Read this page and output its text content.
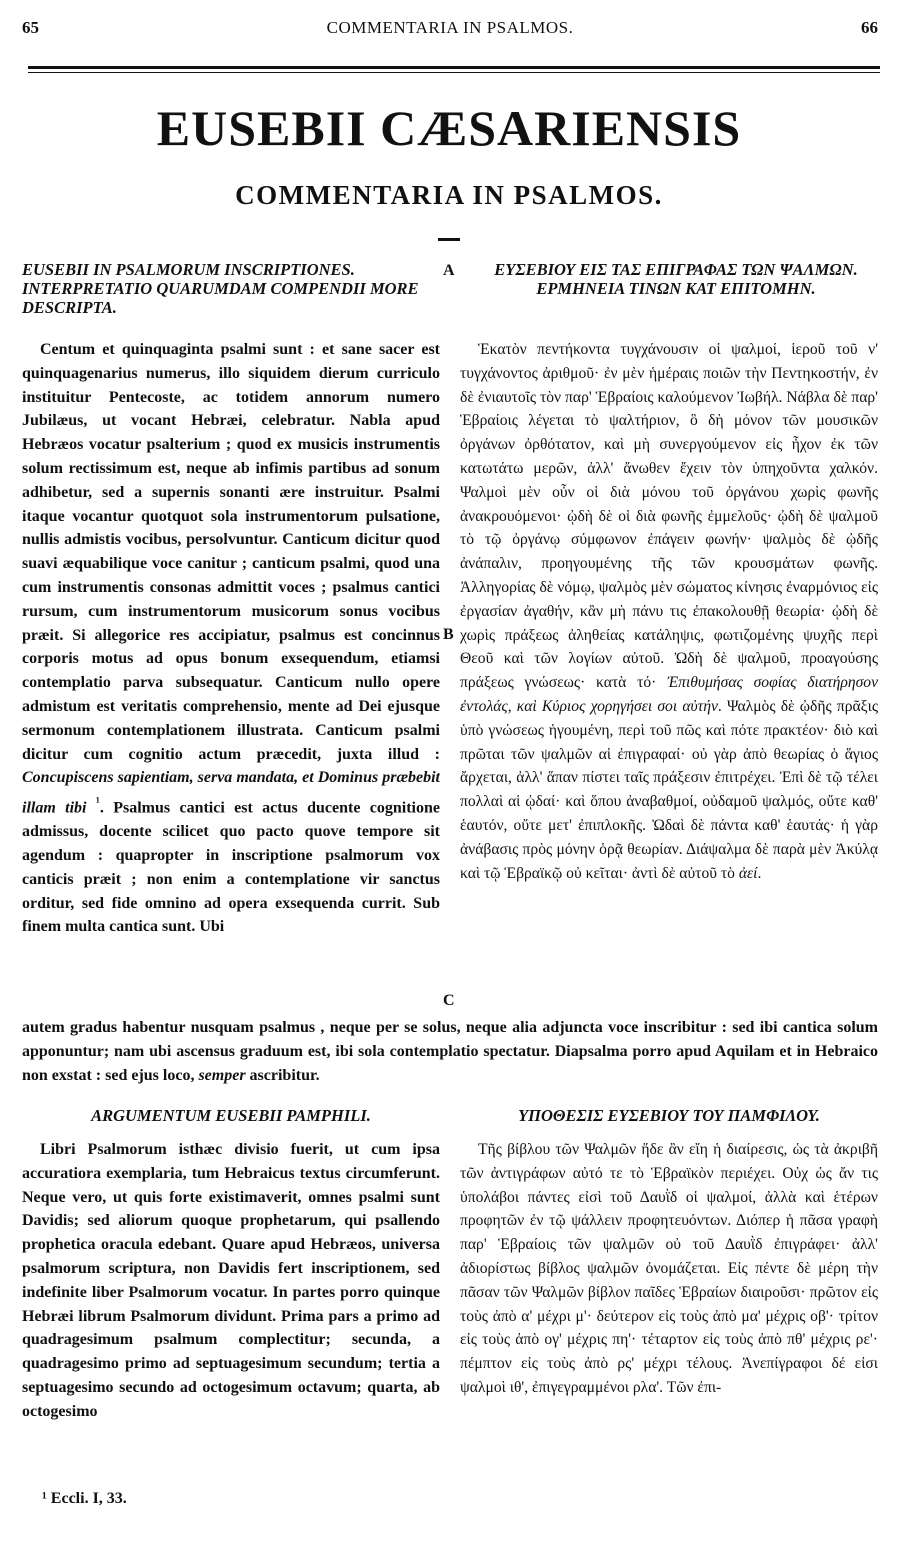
65	COMMENTARIA IN PSALMOS.	66
EUSEBII CÆSARIENSIS
COMMENTARIA IN PSALMOS.
EUSEBII IN PSALMORUM INSCRIPTIONES. INTERPRETATIO QUARUMDAM COMPENDII MORE DESCRIPTA.
A	ΕΥΣΕΒΙΟΥ ΕΙΣ ΤΑΣ ΕΠΙΓΡΑΦΑΣ ΤΩΝ ΨΑΛΜΩΝ. ΕΡΜΗΝΕΙΑ ΤΙΝΩΝ ΚΑΤ ΕΠΙΤΟΜΗΝ.

Centum et quinquaginta psalmi sunt : et sane sacer est quinquagenarius numerus, illo siquidem dierum curriculo instituitur Pentecoste, ac totidem annorum numero Jubilæus, ut vocant Hebræi, celebratur. Nabla apud Hebræos vocatur psalterium ; quod ex musicis instrumentis solum rectissimum est, neque ab infimis partibus ad sonum adhibetur, sed a supernis sonanti ære instruitur. Psalmi itaque vocantur quotquot sola instrumentorum pulsatione, nullis admistis vocibus, persolvuntur. Canticum dicitur quod suavi æquabilique voce canitur ; canticum psalmi, quod una cum instrumentis consonas admittit voces ; psalmus cantici rursum, cum instrumentorum musicorum sonus vocibus præit. Si allegorice res accipiatur, psalmus est concinnus corporis motus ad opus bonum exsequendum, etiamsi contemplatio parva subsequatur. Canticum nullo opere admistum est veritatis comprehensio, mente ad Dei ejusque sermonum contemplationem illustrata. Canticum psalmi dicitur cum cognitio actum præcedit, juxta illud : Concupiscens sapientiam, serva mandata, et Dominus præbebit illam tibi $^{^1}$. Psalmus cantici est actus ducente cognitione admissus, docente scilicet quo pacto quove tempore sit agendum : quapropter in inscriptione psalmorum vox canticis præit ; non enim a contemplatione vir sanctus orditur, sed fide omnino ad opera exsequenda currit. Sub finem multa cantica sunt. Ubi

B
C

Ἑκατὸν πεντήκοντα τυγχάνουσιν οἱ ψαλμοί, ἱεροῦ τοῦ ν' τυγχάνοντος ἀριθμοῦ· ἐν μὲν ἡμέραις ποιῶν τὴν Πεντηκοστήν, ἐν δὲ ἐνιαυτοῖς τὸν παρ' Ἑβραίοις καλούμενον Ἰωβήλ. Νάβλα δὲ παρ' Ἑβραίοις λέγεται τὸ ψαλτήριον, ὃ δὴ μόνον τῶν μουσικῶν ὀργάνων ὀρθότατον, καὶ μὴ συνεργούμενον εἰς ἦχον ἐκ τῶν κατωτάτω μερῶν, ἀλλ' ἄνωθεν ἔχειν τὸν ὑπηχοῦντα χαλκόν. Ψαλμοὶ μὲν οὖν οἱ διὰ μόνου τοῦ ὀργάνου χωρὶς φωνῆς ἀνακρουόμενοι· ᾠδὴ δὲ οἱ διὰ φωνῆς ἐμμελοῦς· ᾠδὴ δὲ ψαλμοῦ τὸ τῷ ὀργάνῳ σύμφωνον ἐπάγειν φωνήν· ψαλμὸς δὲ ᾠδῆς ἀνάπαλιν, προηγουμένης τῆς τῶν κρουσμάτων φωνῆς. Ἀλληγορίας δὲ νόμῳ, ψαλμὸς μὲν σώματος κίνησις ἐναρμόνιος εἰς ἐργασίαν ἀγαθήν, κἂν μὴ πάνυ τις ἐπακολουθῇ θεωρία· ᾠδὴ δὲ χωρὶς πράξεως ἀληθείας κατάληψις, φωτιζομένης ψυχῆς περὶ Θεοῦ καὶ τῶν λογίων αὐτοῦ. Ὠδὴ δὲ ψαλμοῦ, προαγούσης πράξεως γνώσεως· κατὰ τό· Ἐπιθυμήσας σοφίας διατήρησον ἐντολάς, καὶ Κύριος χορηγήσει σοι αὐτήν. Ψαλμὸς δὲ ᾠδῆς πρᾶξις ὑπὸ γνώσεως ἡγουμένη, περὶ τοῦ πῶς καὶ πότε πρακτέον· διὸ καὶ πρῶται τῶν ψαλμῶν αἱ ἐπιγραφαί· οὐ γὰρ ἀπὸ θεωρίας ὁ ἅγιος ἄρχεται, ἀλλ' ἅπαν πίστει ταῖς πράξεσιν ἐπιτρέχει. Ἐπὶ δὲ τῷ τέλει πολλαὶ αἱ ᾠδαί· καὶ ὅπου ἀναβαθμοί, οὐδαμοῦ ψαλμός, οὔτε καθ' ἑαυτόν, οὔτε μετ' ἐπιπλοκῆς. Ὠδαὶ δὲ πάντα καθ' ἑαυτάς· ἡ γὰρ ἀνάβασις πρὸς μόνην ὁρᾷ θεωρίαν. Διάψαλμα δὲ παρὰ μὲν Ἀκύλᾳ καὶ τῷ Ἑβραϊκῷ οὐ κεῖται· ἀντὶ δὲ αὐτοῦ τὸ ἀεί.

autem gradus habentur nusquam psalmus , neque per se solus, neque alia adjuncta voce inscribitur : sed ibi cantica solum apponuntur; nam ubi ascensus graduum est, ibi sola contemplatio spectatur. Diapsalma porro apud Aquilam et in Hebraico non exstat : sed ejus loco, semper ascribitur.
ARGUMENTUM EUSEBII PAMPHILI.	ΥΠΟΘΕΣΙΣ ΕΥΣΕΒΙΟΥ ΤΟΥ ΠΑΜΦΙΛΟΥ.

Libri Psalmorum isthæc divisio fuerit, ut cum ipsa accuratiora exemplaria, tum Hebraicus textus circumferunt. Neque vero, ut quis forte existimaverit, omnes psalmi sunt Davidis; sed aliorum quoque prophetarum, qui psallendo prophetica oracula edebant. Quare apud Hebræos, universa psalmorum scriptura, non Davidis fert inscriptionem, sed indefinite liber Psalmorum vocatur. In partes porro quinque Hebræi librum Psalmorum dividunt. Prima pars a primo ad quadragesimum psalmum complectitur; secunda, a quadragesimo primo ad septuagesimum secundum; tertia a septuagesimo secundo ad octogesimum octavum; quarta, ab octogesimo

Τῆς βίβλου τῶν Ψαλμῶν ἥδε ἂν εἴη ἡ διαίρεσις, ὡς τὰ ἀκριβῆ τῶν ἀντιγράφων αὐτό τε τὸ Ἑβραϊκὸν περιέχει. Οὐχ ὡς ἄν τις ὑπολάβοι πάντες εἰσὶ τοῦ Δαυῒδ οἱ ψαλμοί, ἀλλὰ καὶ ἑτέρων προφητῶν ἐν τῷ ψάλλειν προφητευόντων. Διόπερ ἡ πᾶσα γραφὴ παρ' Ἑβραίοις τῶν ψαλμῶν οὐ τοῦ Δαυῒδ ἐπιγράφει· ἀλλ' ἀδιορίστως βίβλος ψαλμῶν ὀνομάζεται. Εἰς πέντε δὲ μέρη τὴν πᾶσαν τῶν Ψαλμῶν βίβλον παῖδες Ἑβραίων διαιροῦσι· πρῶτον εἰς τοὺς ἀπὸ α' μέχρι μ'· δεύτερον εἰς τοὺς ἀπὸ μα' μέχρις οβ'· τρίτον εἰς τοὺς ἀπὸ ογ' μέχρις πη'· τέταρτον εἰς τοὺς ἀπὸ πθ' μέχρις ρε'· πέμπτον εἰς τοὺς ἀπὸ ρς' μέχρι τέλους. Ἀνεπίγραφοι δέ εἰσι ψαλμοὶ ιθ', ἐπιγεγραμμένοι ρλα'. Τῶν ἐπι-

¹ Eccli. I, 33.
